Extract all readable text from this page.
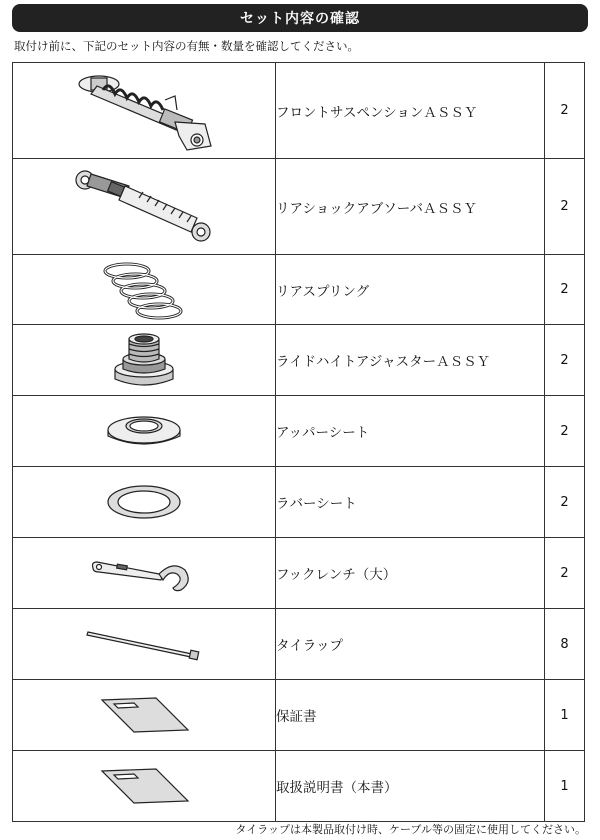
セット内容の確認
取付け前に、下記のセット内容の有無・数量を確認してください。
	フロントサスペンションＡＳＳＹ	2

	リアショックアブソーバＡＳＳＹ	2

	リアスプリング	2

	ライドハイトアジャスターＡＳＳＹ	2

	アッパーシート	2

	ラバーシート	2

	フックレンチ（大）	2

	タイラップ	8

	保証書	1

	取扱説明書（本書）	1
タイラップは本製品取付け時、ケーブル等の固定に使用してください。
